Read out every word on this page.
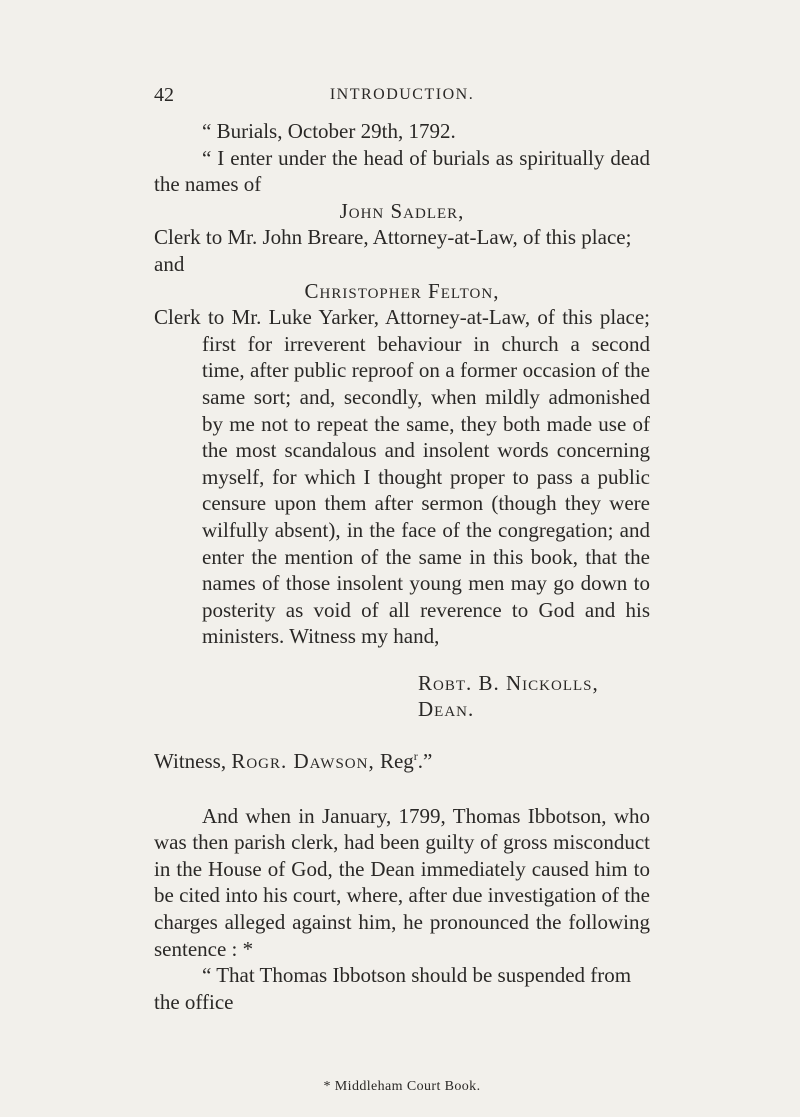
42	INTRODUCTION.

“ Burials, October 29th, 1792.

“ I enter under the head of burials as spiritually dead the names of

John Sadler,

Clerk to Mr. John Breare, Attorney-at-Law, of this place; and

Christopher Felton,

Clerk to Mr. Luke Yarker, Attorney-at-Law, of this place; first for irreverent behaviour in church a second time, after public reproof on a former occasion of the same sort; and, secondly, when mildly admonished by me not to repeat the same, they both made use of the most scandalous and insolent words concerning myself, for which I thought proper to pass a public censure upon them after sermon (though they were wilfully absent), in the face of the congregation; and enter the mention of the same in this book, that the names of those insolent young men may go down to posterity as void of all reverence to God and his ministers. Witness my hand,

Robt. B. Nickolls, Dean.

Witness, Rogr. Dawson, Reg$^r$.”

And when in January, 1799, Thomas Ibbotson, who was then parish clerk, had been guilty of gross misconduct in the House of God, the Dean immediately caused him to be cited into his court, where, after due investigation of the charges alleged against him, he pronounced the following sentence : *

“ That Thomas Ibbotson should be suspended from the office

* Middleham Court Book.
